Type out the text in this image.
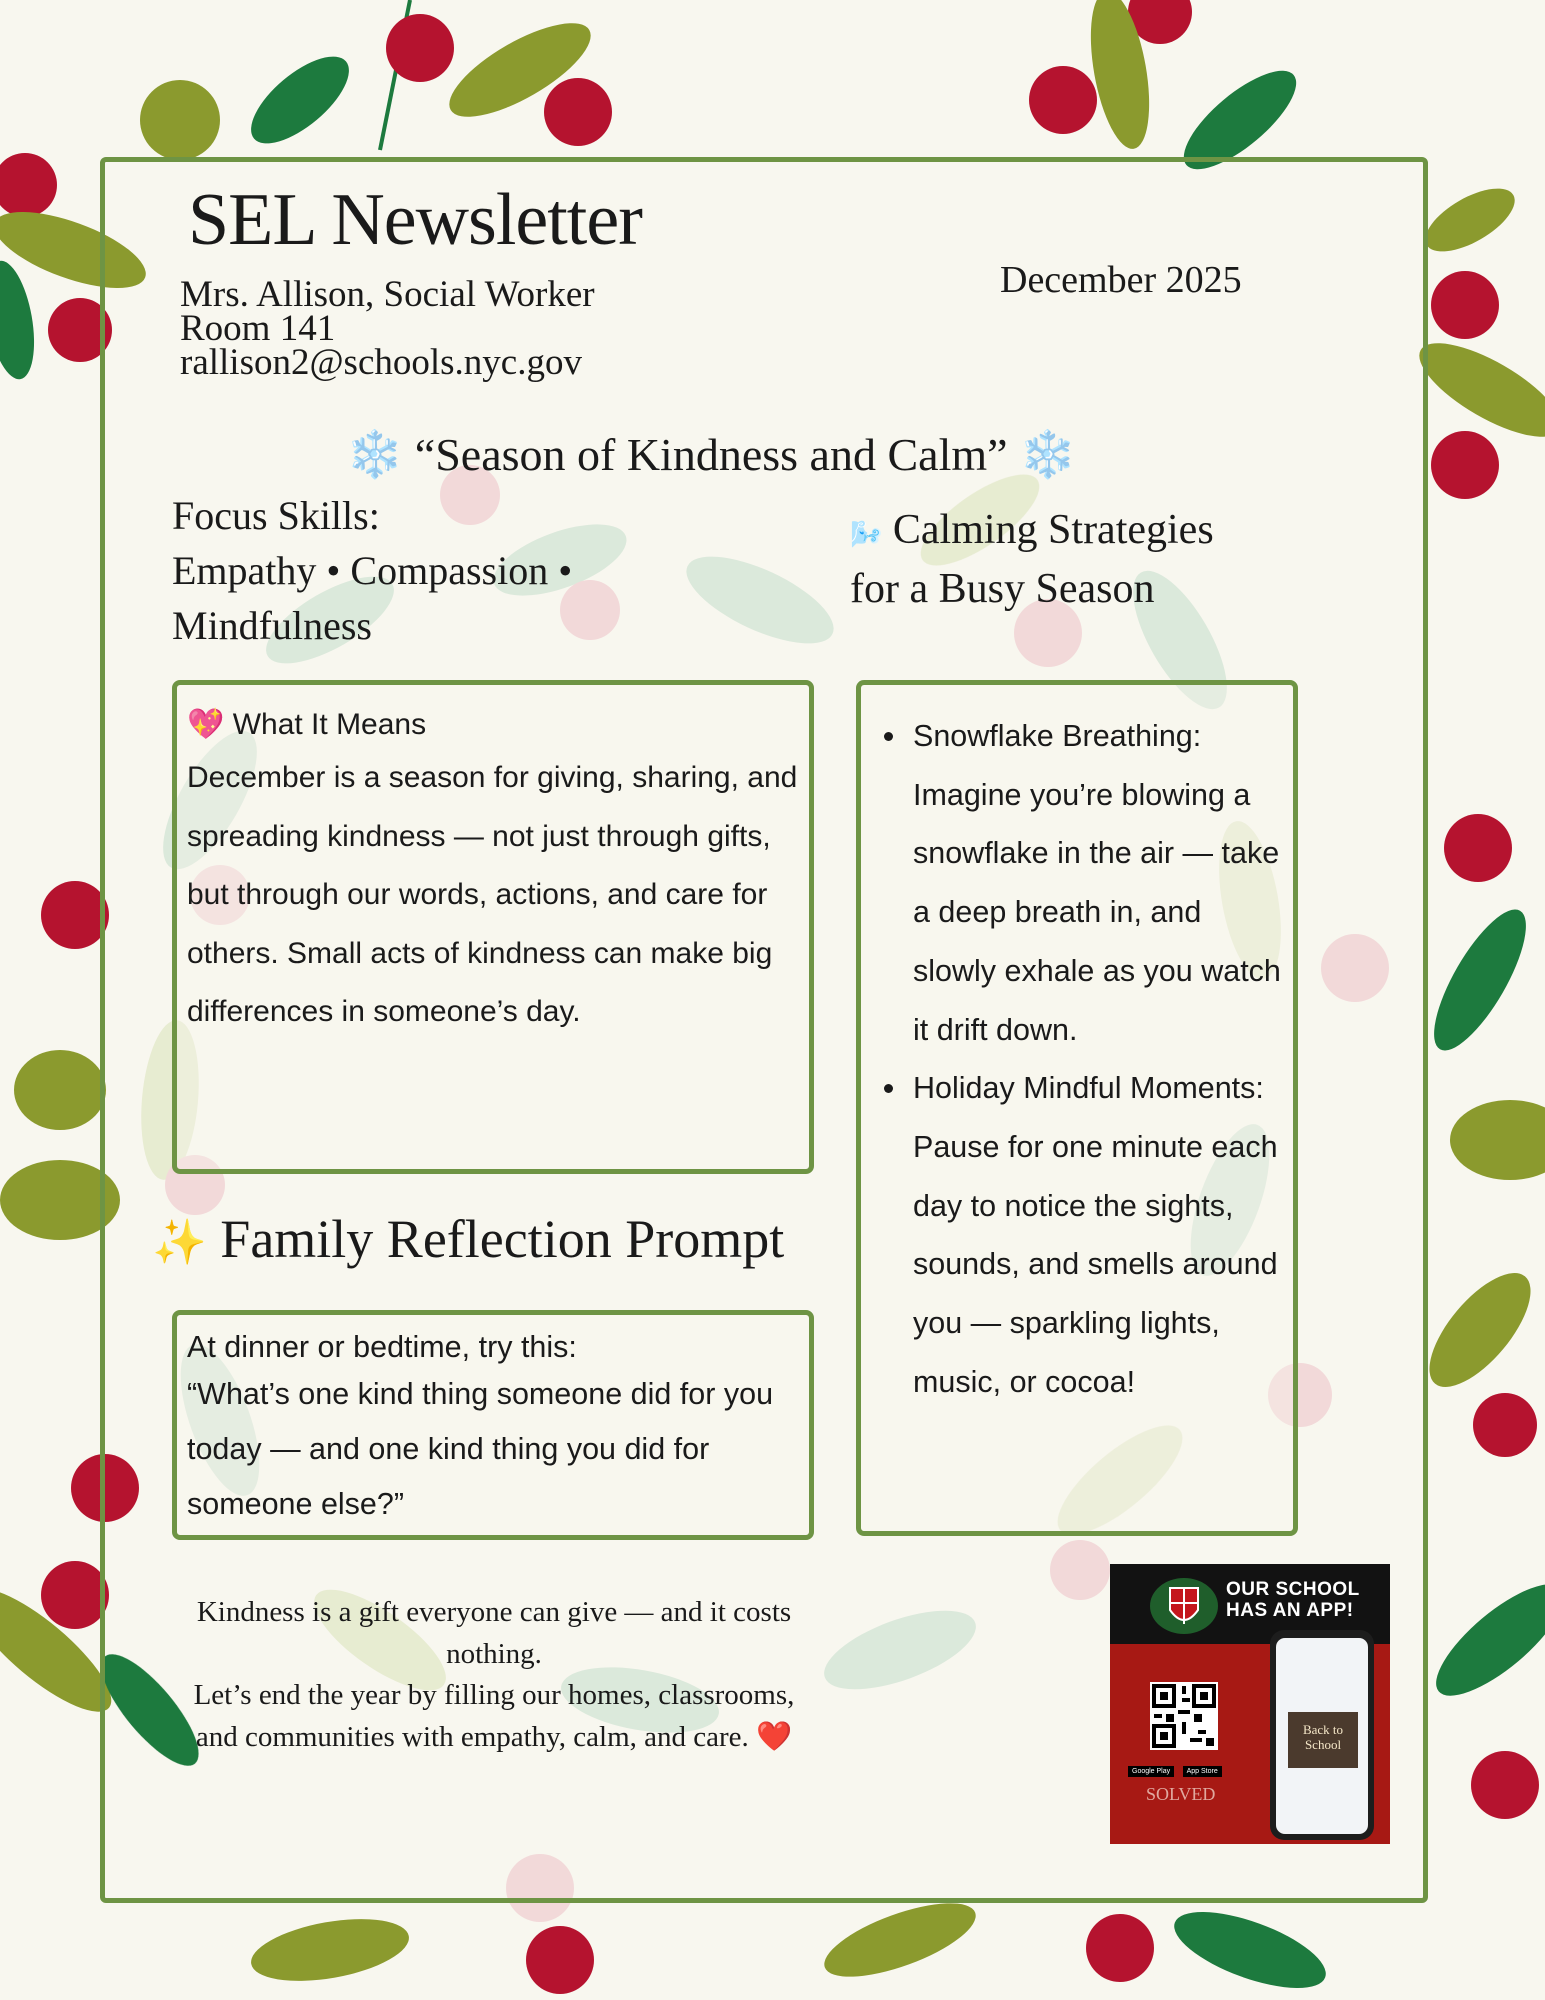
SEL Newsletter
Mrs. Allison, Social Worker
Room 141
rallison2@schools.nyc.gov
December 2025
❄️ “Season of Kindness and Calm” ❄️
Focus Skills:
Empathy • Compassion •
Mindfulness
🌬️ Calming Strategies
for a Busy Season
💖 What It Means
December is a season for giving, sharing, and spreading kindness — not just through gifts, but through our words, actions, and care for others. Small acts of kindness can make big differences in someone’s day.
• Snowflake Breathing: Imagine you’re blowing a snowflake in the air — take a deep breath in, and slowly exhale as you watch it drift down.
• Holiday Mindful Moments: Pause for one minute each day to notice the sights, sounds, and smells around you — sparkling lights, music, or cocoa!
✨ Family Reflection Prompt
At dinner or bedtime, try this:
“What’s one kind thing someone did for you today — and one kind thing you did for someone else?”
Kindness is a gift everyone can give — and it costs nothing.
Let’s end the year by filling our homes, classrooms, and communities with empathy, calm, and care. ❤️
OUR SCHOOL
HAS AN APP!
Google Play App Store
SOLVED
Back to School
